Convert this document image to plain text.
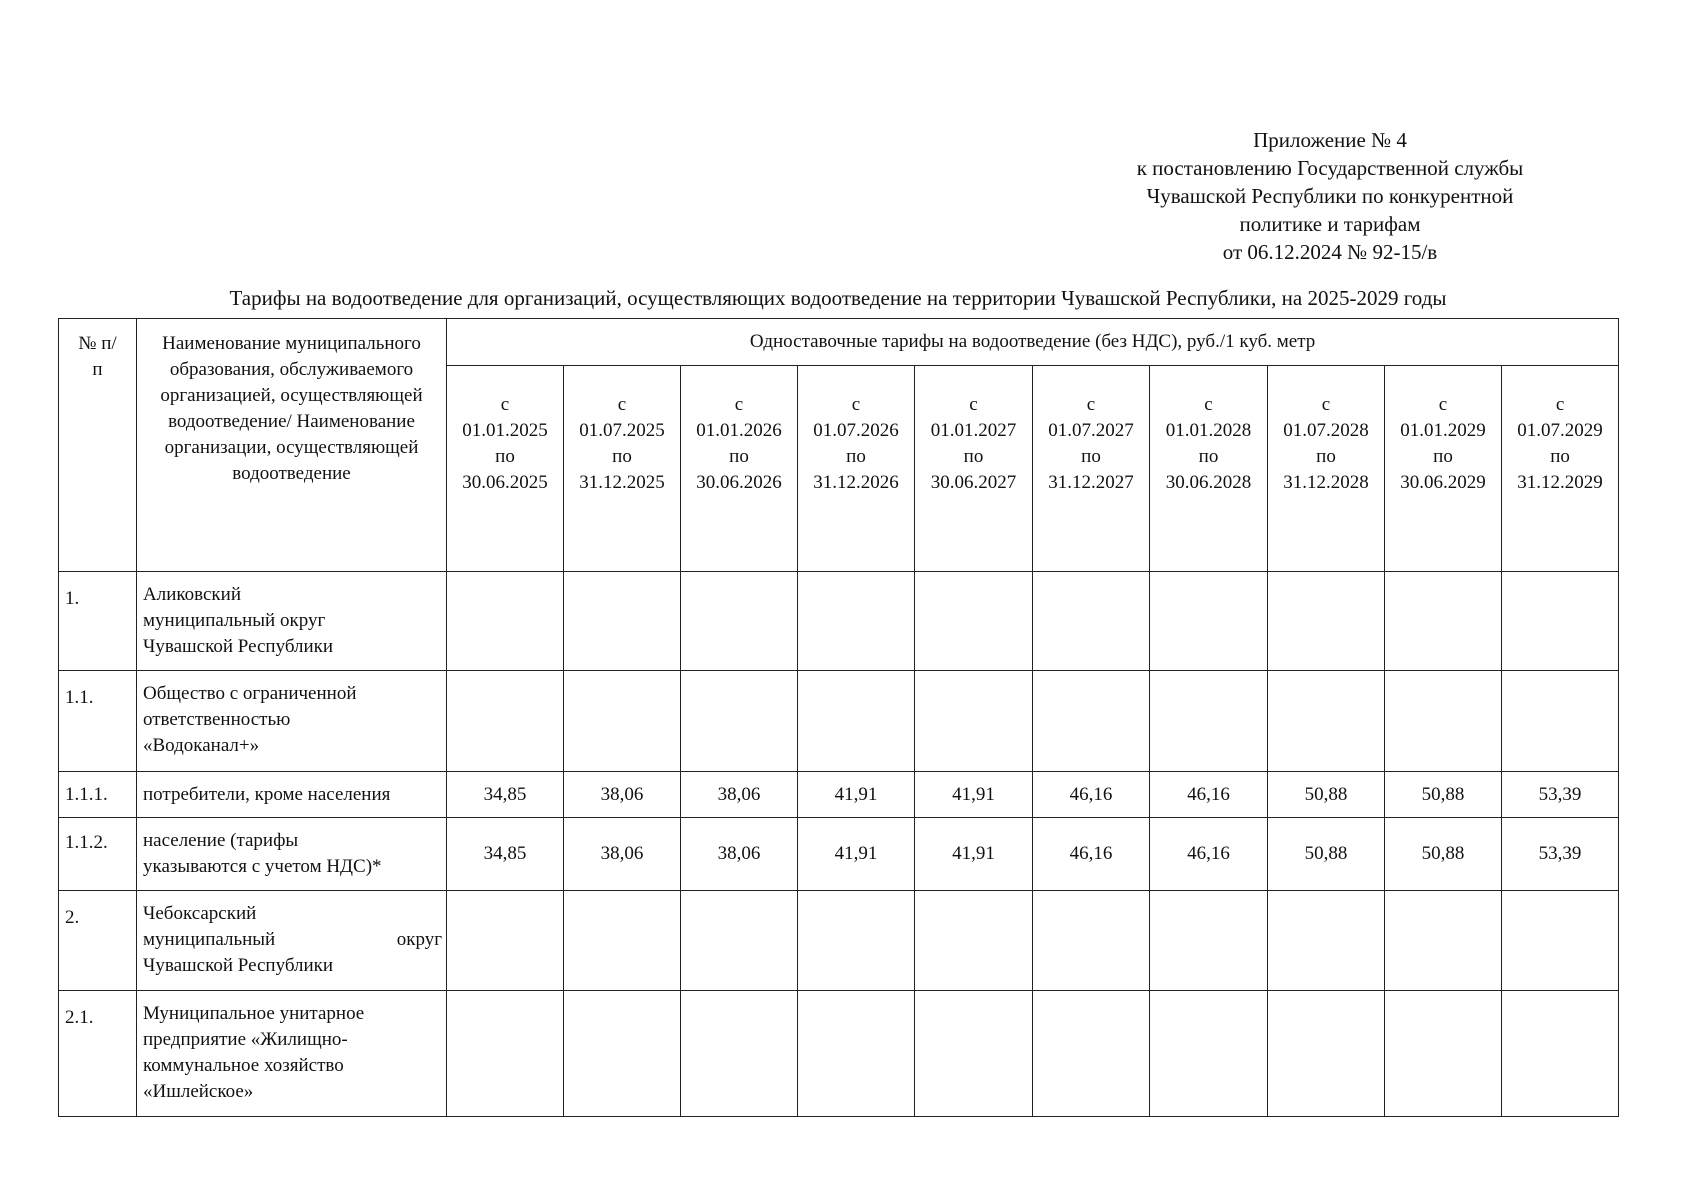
Приложение № 4
к постановлению Государственной службы
Чувашской Республики по конкурентной
политике и тарифам
от 06.12.2024 № 92-15/в
Тарифы на водоотведение для организаций, осуществляющих водоотведение на территории Чувашской Республики, на 2025-2029 годы
№ п/п	Наименование муниципального образования, обслуживаемого организацией, осуществляющей водоотведение/ Наименование организации, осуществляющей водоотведение	Одноставочные тарифы на водоотведение (без НДС), руб./1 куб. метр									

		с
01.01.2025
по
30.06.2025	с
01.07.2025
по
31.12.2025	с
01.01.2026
по
30.06.2026	с
01.07.2026
по
31.12.2026	с
01.01.2027
по
30.06.2027	с
01.07.2027
по
31.12.2027	с
01.01.2028
по
30.06.2028	с
01.07.2028
по
31.12.2028	с
01.01.2029
по
30.06.2029	с
01.07.2029
по
31.12.2029

1.	Аликовский
муниципальный округ
Чувашской Республики										

1.1.	Общество с ограниченной
ответственностью
«Водоканал+»										

1.1.1.	потребители, кроме населения	34,85	38,06	38,06	41,91	41,91	46,16	46,16	50,88	50,88	53,39
1.1.2.	население (тарифы
указываются с учетом НДС)*	34,85	38,06	38,06	41,91	41,91	46,16	46,16	50,88	50,88	53,39
2.	Чебоксарский
муниципальный округ
Чувашской Республики										

2.1.	Муниципальное унитарное
предприятие «Жилищно-
коммунальное хозяйство
«Ишлейское»										
